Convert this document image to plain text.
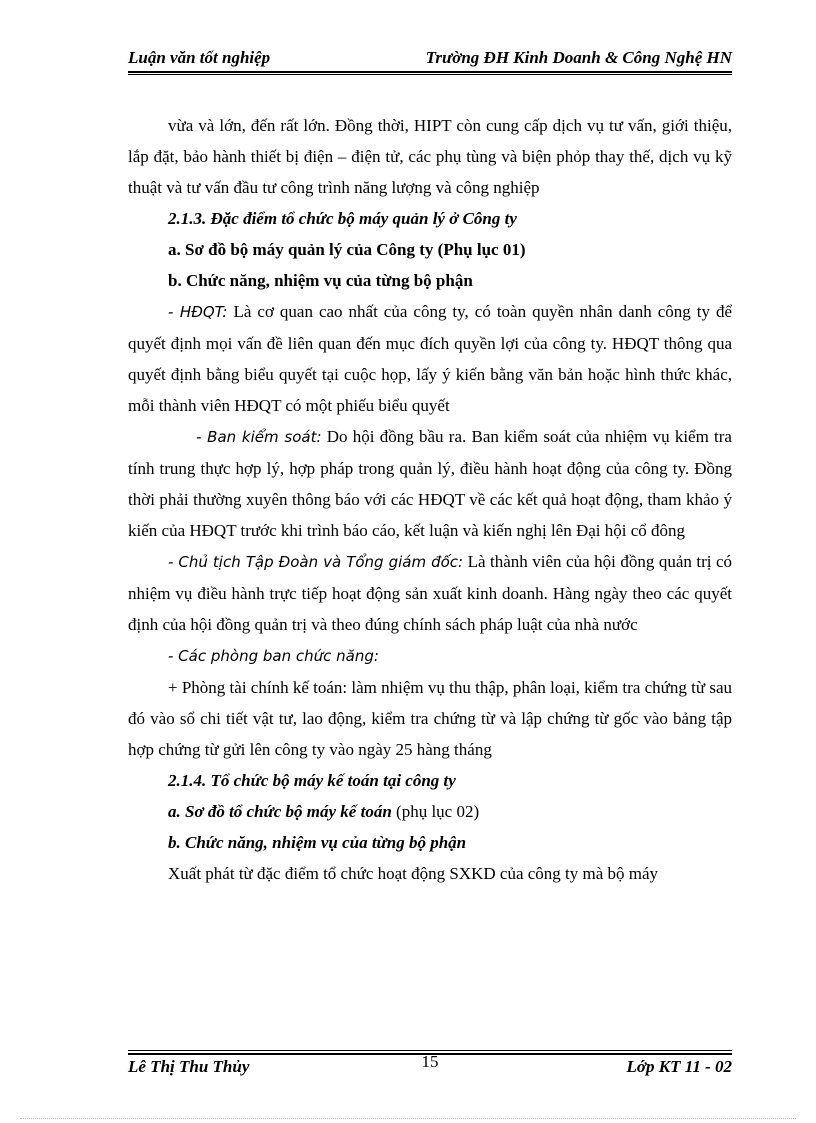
Luận văn tốt nghiệp	Trường ĐH Kinh Doanh & Công Nghệ HN

vừa và lớn, đến rất lớn. Đồng thời, HIPT còn cung cấp dịch vụ tư vấn, giới thiệu, lắp đặt, bảo hành thiết bị điện – điện tử, các phụ tùng và biện phỏp thay thế, dịch vụ kỹ thuật và tư vấn đầu tư công trình năng lượng và công nghiệp

2.1.3. Đặc điểm tổ chức bộ máy quản lý ở Công ty

a. Sơ đồ bộ máy quản lý của Công ty (Phụ lục 01)

b. Chức năng, nhiệm vụ của từng bộ phận

- HĐQT: Là cơ quan cao nhất của công ty, có toàn quyền nhân danh công ty để quyết định mọi vấn đề liên quan đến mục đích quyền lợi của công ty. HĐQT thông qua quyết định bằng biểu quyết tại cuộc họp, lấy ý kiến bằng văn bản hoặc hình thức khác, mỗi thành viên HĐQT có một phiếu biểu quyết

- Ban kiểm soát: Do hội đồng bầu ra. Ban kiểm soát của nhiệm vụ kiểm tra tính trung thực hợp lý, hợp pháp trong quản lý, điều hành hoạt động của công ty. Đồng thời phải thường xuyên thông báo với các HĐQT về các kết quả hoạt động, tham khảo ý kiến của HĐQT trước khi trình báo cáo, kết luận và kiến nghị lên Đại hội cổ đông

- Chủ tịch Tập Đoàn và Tổng giám đốc: Là thành viên của hội đồng quản trị có nhiệm vụ điều hành trực tiếp hoạt động sản xuất kinh doanh. Hàng ngày theo các quyết định của hội đồng quản trị và theo đúng chính sách pháp luật của nhà nước

- Các phòng ban chức năng:

+ Phòng tài chính kế toán: làm nhiệm vụ thu thập, phân loại, kiểm tra chứng từ sau đó vào sổ chi tiết vật tư, lao động, kiểm tra chứng từ và lập chứng từ gốc vào bảng tập hợp chứng từ gửi lên công ty vào ngày 25 hàng tháng

2.1.4. Tổ chức bộ máy kế toán tại công ty

a. Sơ đồ tổ chức bộ máy kế toán (phụ lục 02)

b. Chức năng, nhiệm vụ của từng bộ phận

Xuất phát từ đặc điểm tổ chức hoạt động SXKD của công ty mà bộ máy

Lê Thị Thu Thủy	15	Lớp KT 11 - 02
